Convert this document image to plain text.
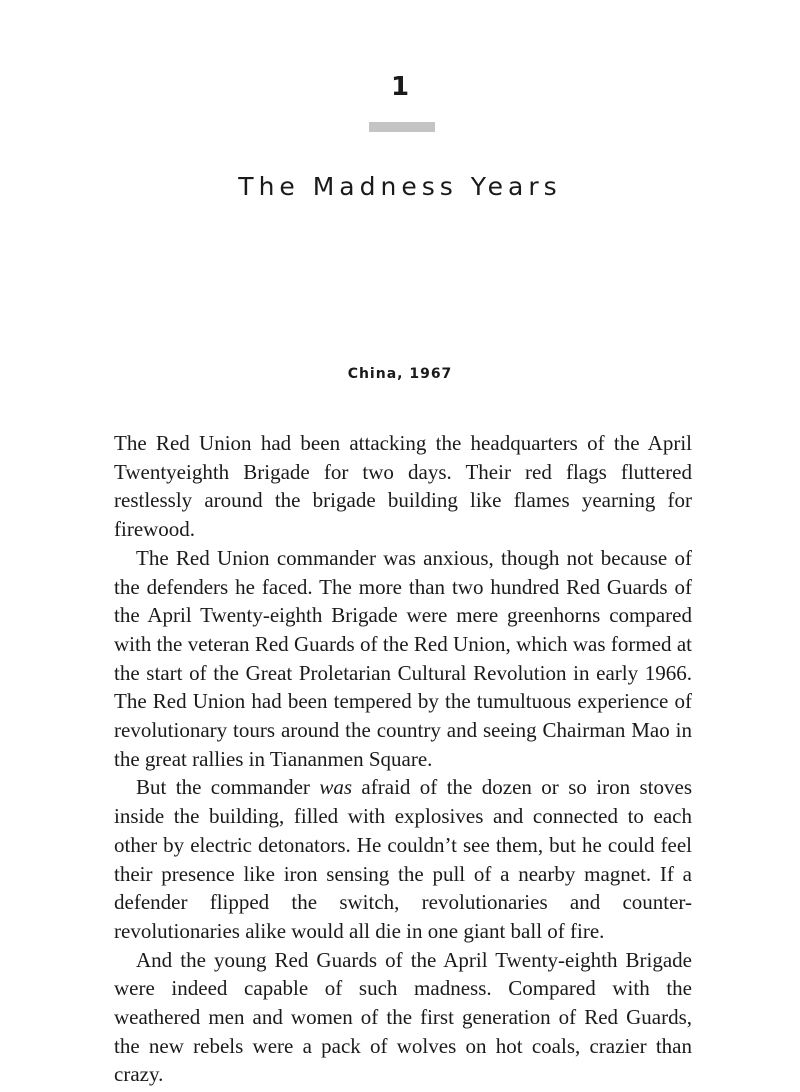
1
The Madness Years
China, 1967

The Red Union had been attacking the headquarters of the April Twentyeighth Brigade for two days. Their red flags fluttered restlessly around the brigade building like flames yearning for firewood.

The Red Union commander was anxious, though not because of the defenders he faced. The more than two hundred Red Guards of the April Twenty-eighth Brigade were mere greenhorns compared with the veteran Red Guards of the Red Union, which was formed at the start of the Great Proletarian Cultural Revolution in early 1966. The Red Union had been tempered by the tumultuous experience of revolutionary tours around the country and seeing Chairman Mao in the great rallies in Tiananmen Square.

But the commander was afraid of the dozen or so iron stoves inside the building, filled with explosives and connected to each other by electric detonators. He couldn’t see them, but he could feel their presence like iron sensing the pull of a nearby magnet. If a defender flipped the switch, revolutionaries and counter-revolutionaries alike would all die in one giant ball of fire.

And the young Red Guards of the April Twenty-eighth Brigade were indeed capable of such madness. Compared with the weathered men and women of the first generation of Red Guards, the new rebels were a pack of wolves on hot coals, crazier than crazy.
